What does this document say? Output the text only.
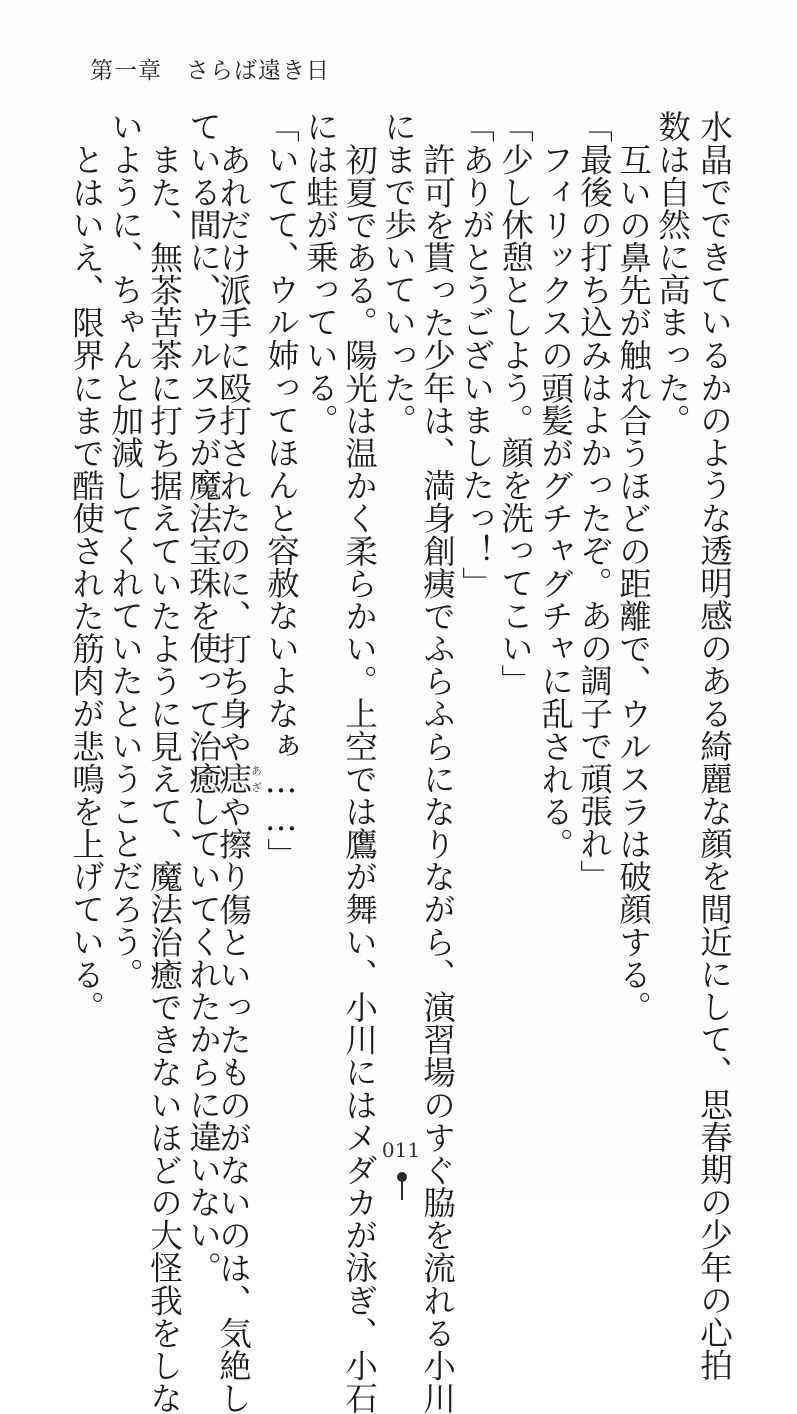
第一章　さらば遠き日
水晶でできているかのような透明感のある綺麗な顔を間近にして、思春期の少年の心拍
数は自然に高まった。
互いの鼻先が触れ合うほどの距離で、ウルスラは破顔する。
「最後の打ち込みはよかったぞ。あの調子で頑張れ」
フィリックスの頭髪がグチャグチャに乱される。
「少し休憩としよう。顔を洗ってこい」
「ありがとうございましたっ！」
許可を貰った少年は、満身創痍でふらふらになりながら、演習場のすぐ脇を流れる小川
にまで歩いていった。
初夏である。陽光は温かく柔らかい。上空では鷹が舞い、小川にはメダカが泳ぎ、小石
には蛙が乗っている。
「いてて、ウル姉ってほんと容赦ないよなぁ……」
あれだけ派手に殴打されたのに、打ち身や痣あざや擦り傷といったものがないのは、気絶し
ている間に、ウルスラが魔法宝珠を使って治癒していてくれたからに違いない。
また、無茶苦茶に打ち据えていたように見えて、魔法治癒できないほどの大怪我をしな
いように、ちゃんと加減してくれていたということだろう。
とはいえ、限界にまで酷使された筋肉が悲鳴を上げている。
011
